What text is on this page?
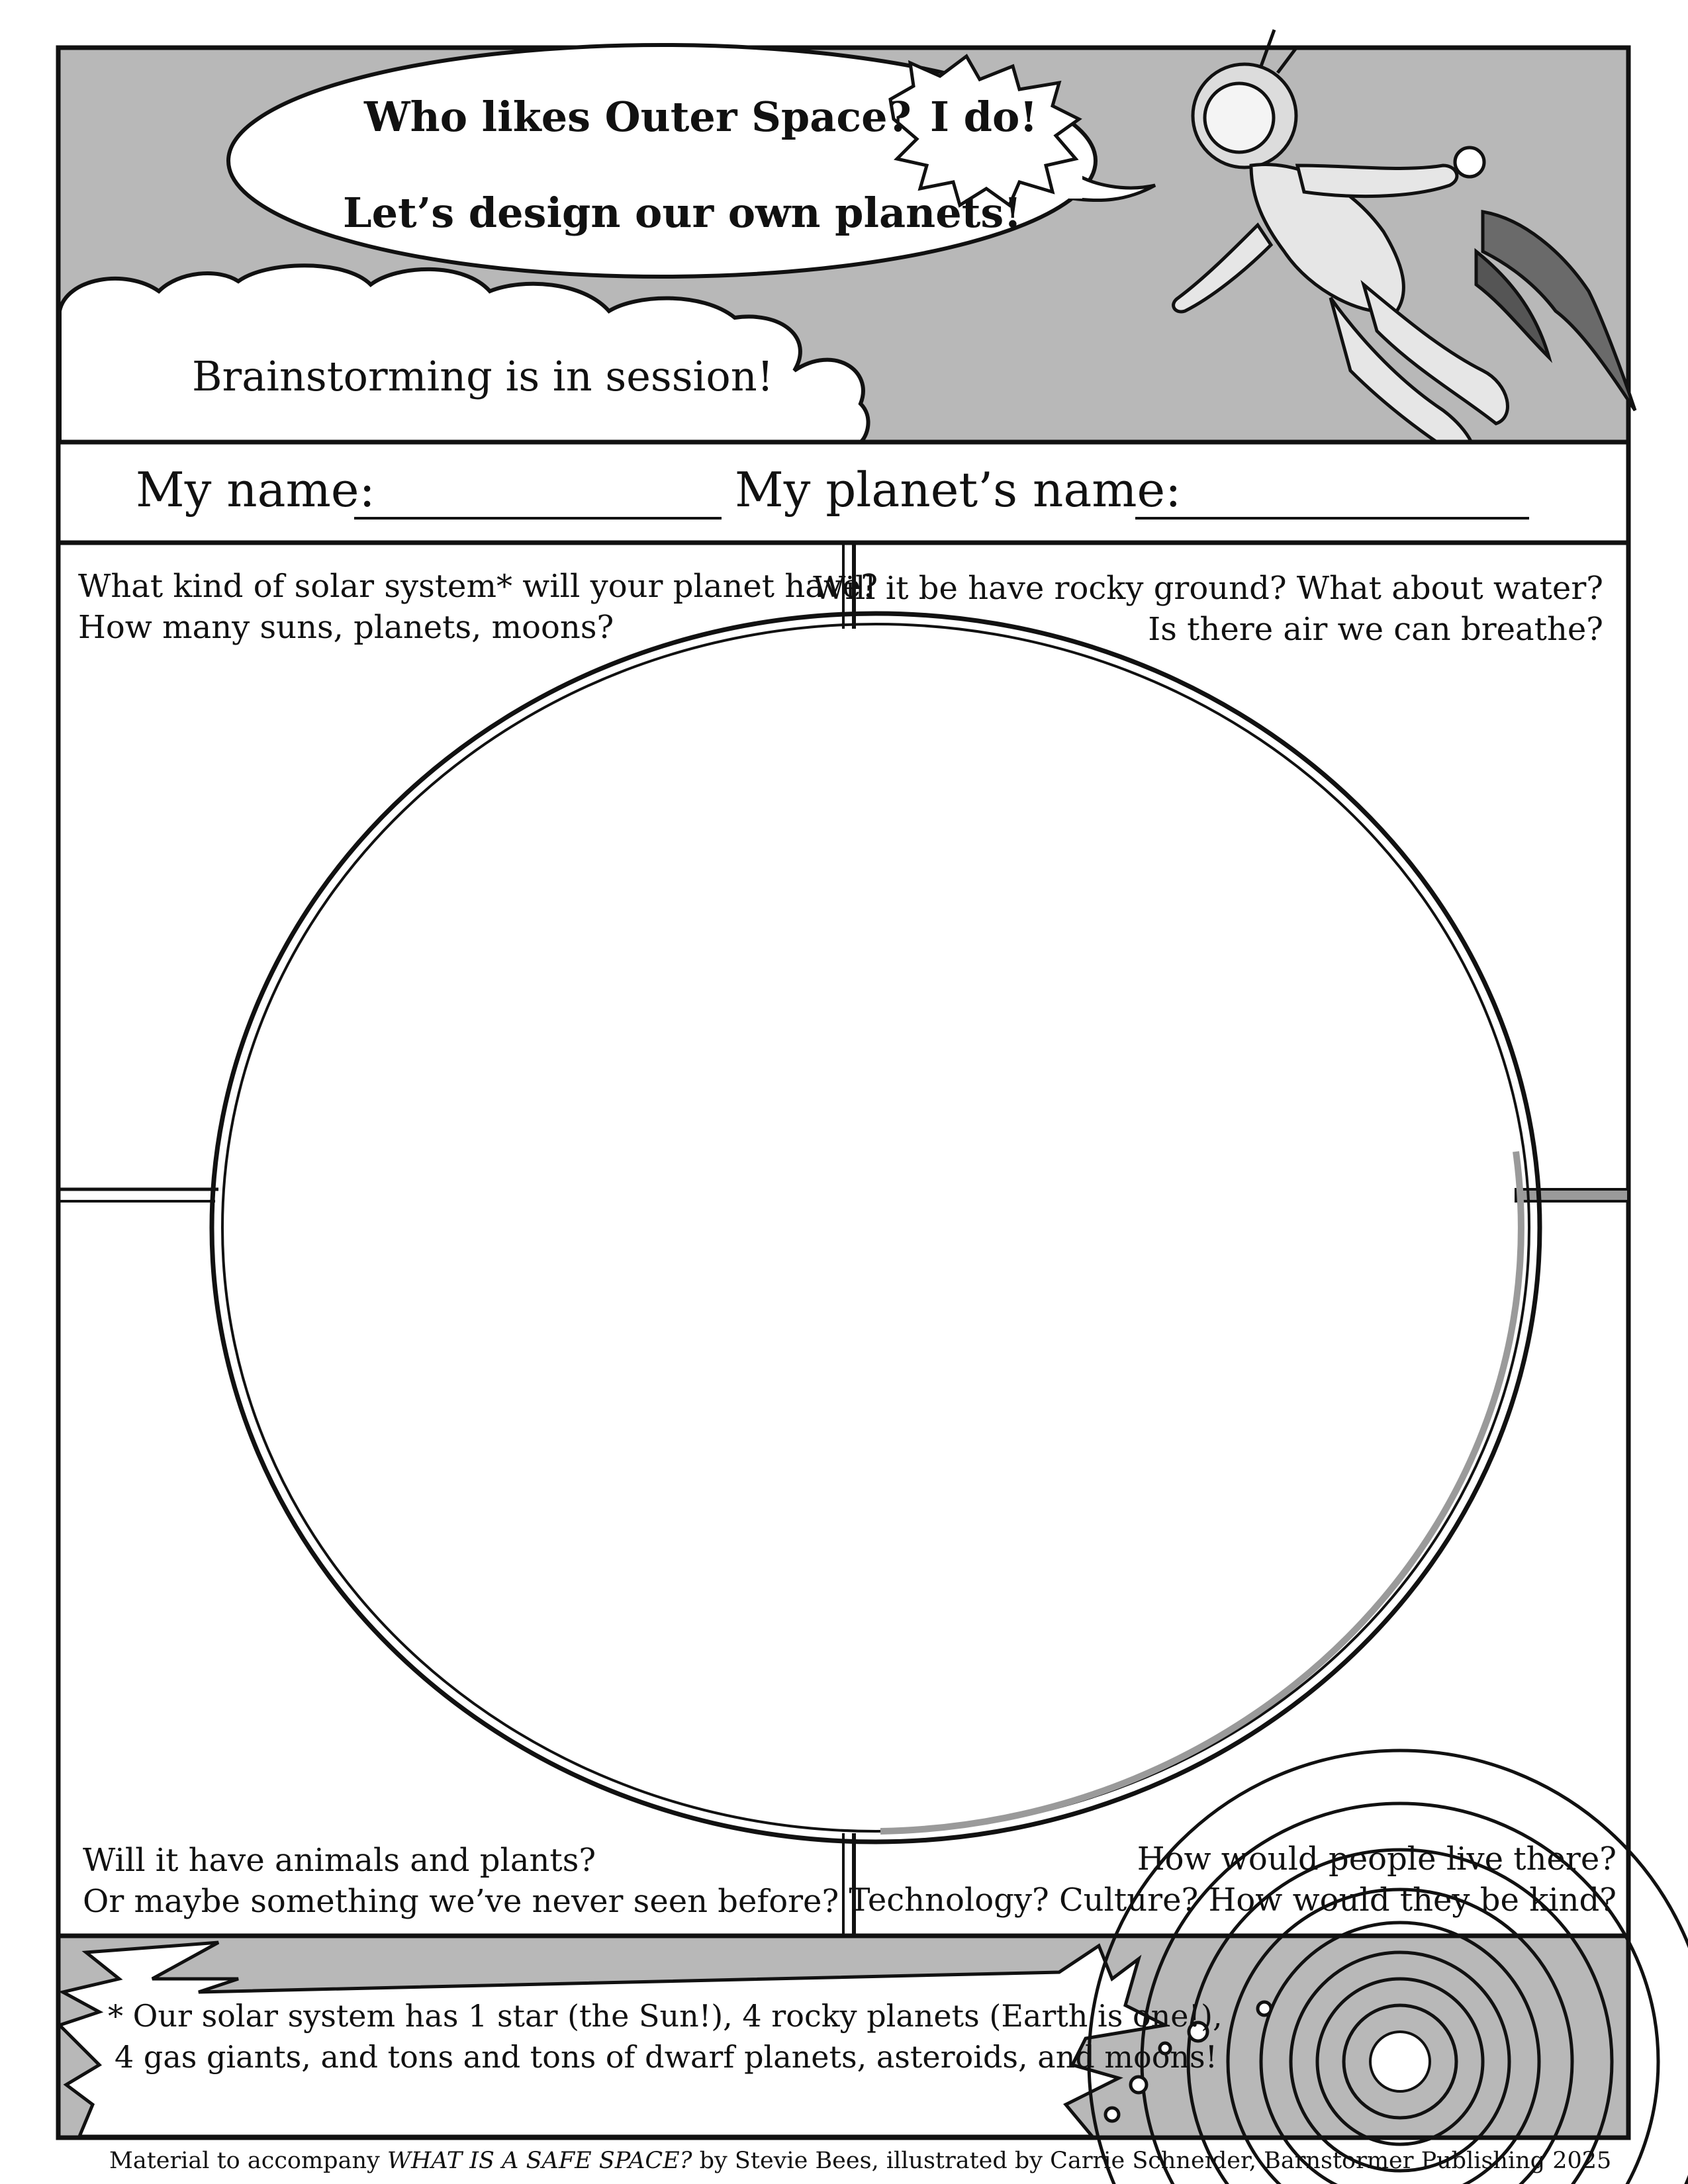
Who likes Outer Space? I do!
Let’s design our own planets!
Brainstorming is in session!
My name:	My planet’s name:
What kind of solar system* will your planet have?
How many suns, planets, moons?
Will it be have rocky ground? What about water?
Is there air we can breathe?
Will it have animals and plants?
Or maybe something we’ve never seen before?
How would people live there?
Technology? Culture? How would they be kind?
* Our solar system has 1 star (the Sun!), 4 rocky planets (Earth is one!),
4 gas giants, and tons and tons of dwarf planets, asteroids, and moons!
Material to accompany WHAT IS A SAFE SPACE? by Stevie Bees, illustrated by Carrie Schneider, Barnstormer Publishing 2025
